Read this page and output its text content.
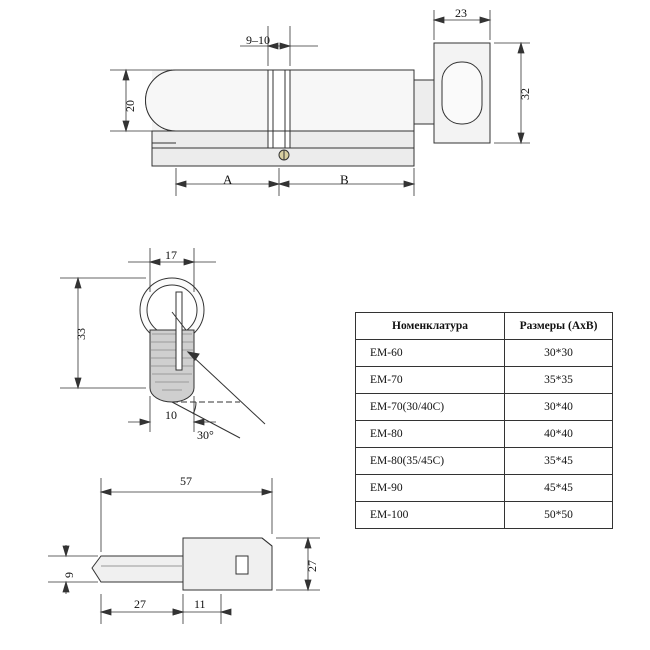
9–10
23
32
20
A	B
17
33
10
30°
57
27
9
27	11
Номенклатура	Размеры (АxВ)
ЕМ-60	30*30
ЕМ-70	35*35
ЕМ-70(30/40С)	30*40
ЕМ-80	40*40
ЕМ-80(35/45С)	35*45
ЕМ-90	45*45
ЕМ-100	50*50
